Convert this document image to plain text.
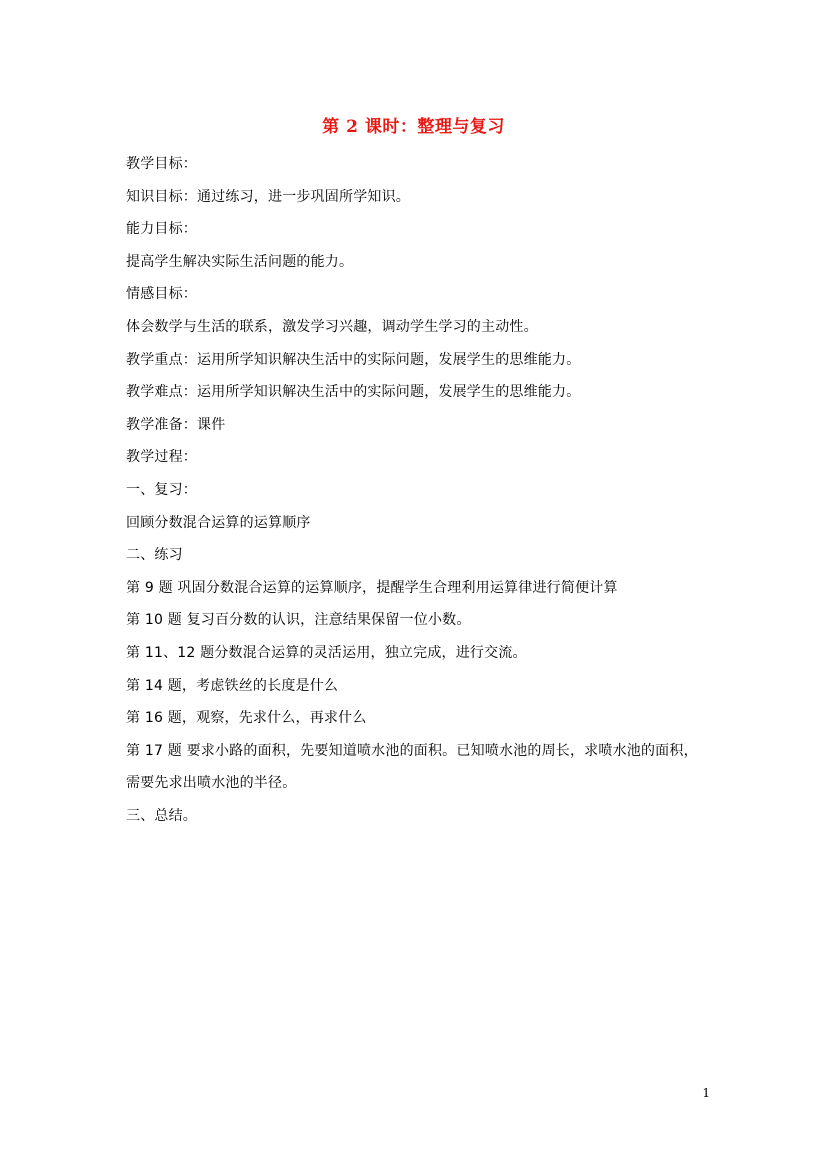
第 2 课时：整理与复习
教学目标：
知识目标：通过练习，进一步巩固所学知识。
能力目标：
提高学生解决实际生活问题的能力。
情感目标：
体会数学与生活的联系，激发学习兴趣，调动学生学习的主动性。
教学重点：运用所学知识解决生活中的实际问题，发展学生的思维能力。
教学难点：运用所学知识解决生活中的实际问题，发展学生的思维能力。
教学准备：课件
教学过程：
一、复习：
回顾分数混合运算的运算顺序
二、练习
第 9 题 巩固分数混合运算的运算顺序，提醒学生合理利用运算律进行简便计算
第 10 题 复习百分数的认识，注意结果保留一位小数。
第 11、12 题分数混合运算的灵活运用，独立完成，进行交流。
第 14 题，考虑铁丝的长度是什么
第 16 题，观察，先求什么，再求什么
第 17 题 要求小路的面积，先要知道喷水池的面积。已知喷水池的周长，求喷水池的面积，
需要先求出喷水池的半径。
三、总结。
1
